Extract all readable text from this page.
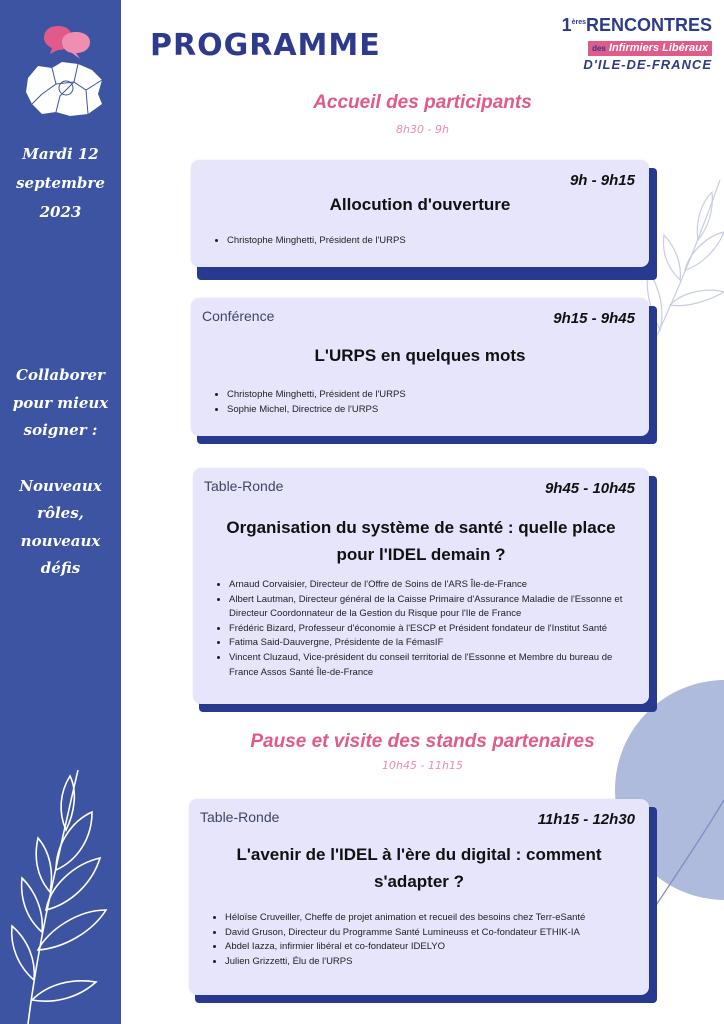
Mardi 12
septembre
2023
Collaborer
pour mieux
soigner :
Nouveaux
rôles,
nouveaux
défis
PROGRAMME
1èresRENCONTRES
des Infirmiers Libéraux
D'ILE-DE-FRANCE
Accueil des participants
8h30 - 9h
9h - 9h15
Allocution d'ouverture
• Christophe Minghetti, Président de l'URPS
Conférence	9h15 - 9h45
L'URPS en quelques mots
• Christophe Minghetti, Président de l'URPS
• Sophie Michel, Directrice de l'URPS
Table-Ronde	9h45 - 10h45
Organisation du système de santé : quelle place
pour l'IDEL demain ?
• Arnaud Corvaisier, Directeur de l'Offre de Soins de l'ARS Île-de-France
• Albert Lautman, Directeur général de la Caisse Primaire d'Assurance Maladie de l'Essonne et Directeur Coordonnateur de la Gestion du Risque pour l'Ile de France
• Frédéric Bizard, Professeur d'économie à l'ESCP et Président fondateur de l'Institut Santé
• Fatima Said-Dauvergne, Présidente de la FémasIF
• Vincent Cluzaud, Vice-président du conseil territorial de l'Essonne et Membre du bureau de France Assos Santé Île-de-France
Pause et visite des stands partenaires
10h45 - 11h15
Table-Ronde	11h15 - 12h30
L'avenir de l'IDEL à l'ère du digital : comment
s'adapter ?
• Héloïse Cruveiller, Cheffe de projet animation et recueil des besoins chez Terr-eSanté
• David Gruson, Directeur du Programme Santé Lumineuss et Co-fondateur ETHIK-IA
• Abdel Iazza, infirmier libéral et co-fondateur IDELYO
• Julien Grizzetti, Élu de l'URPS
